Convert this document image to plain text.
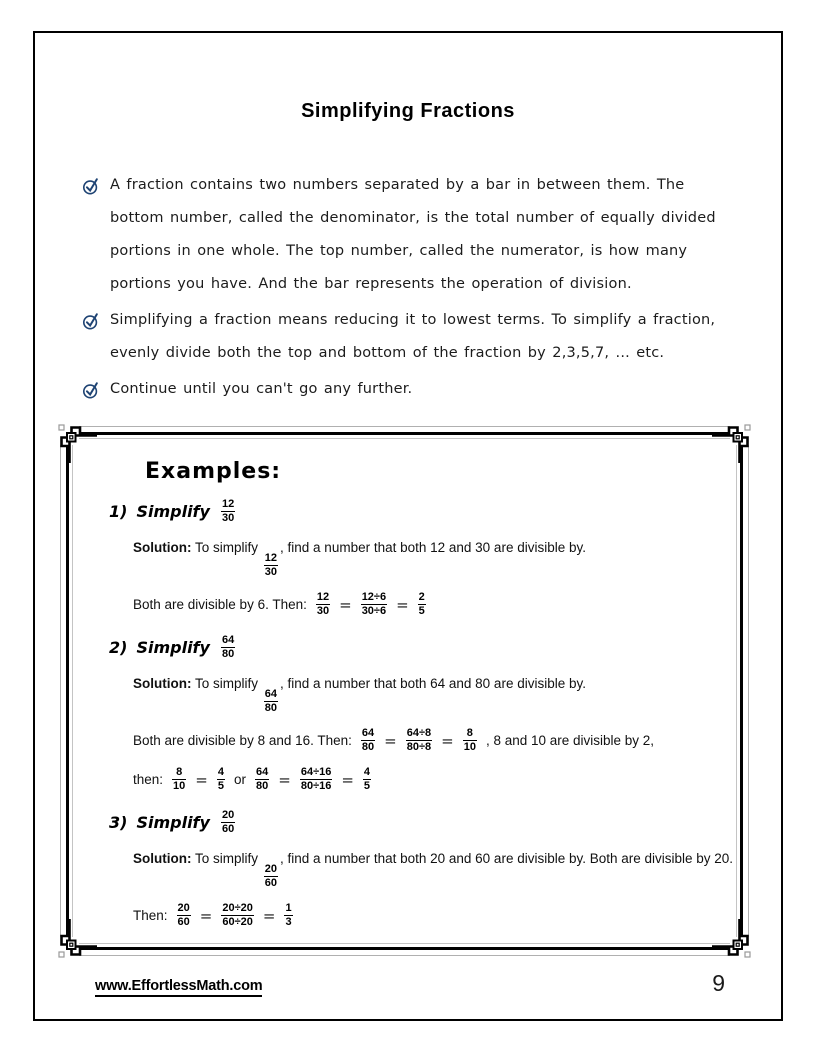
Simplifying Fractions

A fraction contains two numbers separated by a bar in between them. The bottom number, called the denominator, is the total number of equally divided portions in one whole. The top number, called the numerator, is how many portions you have. And the bar represents the operation of division.

Simplifying a fraction means reducing it to lowest terms. To simplify a fraction, evenly divide both the top and bottom of the fraction by 2,3,5,7, ... etc.

Continue until you can't go any further.

Examples:
1) Simplify $\frac{12}{30}$

Solution: To simplify
$\frac{12}{30}$
, find a number that both 12 and 30 are divisible by.

Both are divisible by 6. Then: $\frac{12}{30} = \frac{12\div 6}{30\div 6} = \frac{2}{5}$
2) Simplify $\frac{64}{80}$

Solution: To simplify
$\frac{64}{80}$
, find a number that both 64 and 80 are divisible by.

Both are divisible by 8 and 16. Then: $\frac{64}{80} = \frac{64\div 8}{80\div 8} = \frac{8}{10}$ , 8 and 10 are divisible by 2,
then: $\frac{8}{10} = \frac{4}{5}$ or $\frac{64}{80} = \frac{64\div 16}{80\div 16} = \frac{4}{5}$
3) Simplify $\frac{20}{60}$

Solution: To simplify
$\frac{20}{60}$
, find a number that both 20 and 60 are divisible by. Both are divisible by 20.

Then: $\frac{20}{60} = \frac{20\div 20}{60\div 20} = \frac{1}{3}$
www.EffortlessMath.com	9
